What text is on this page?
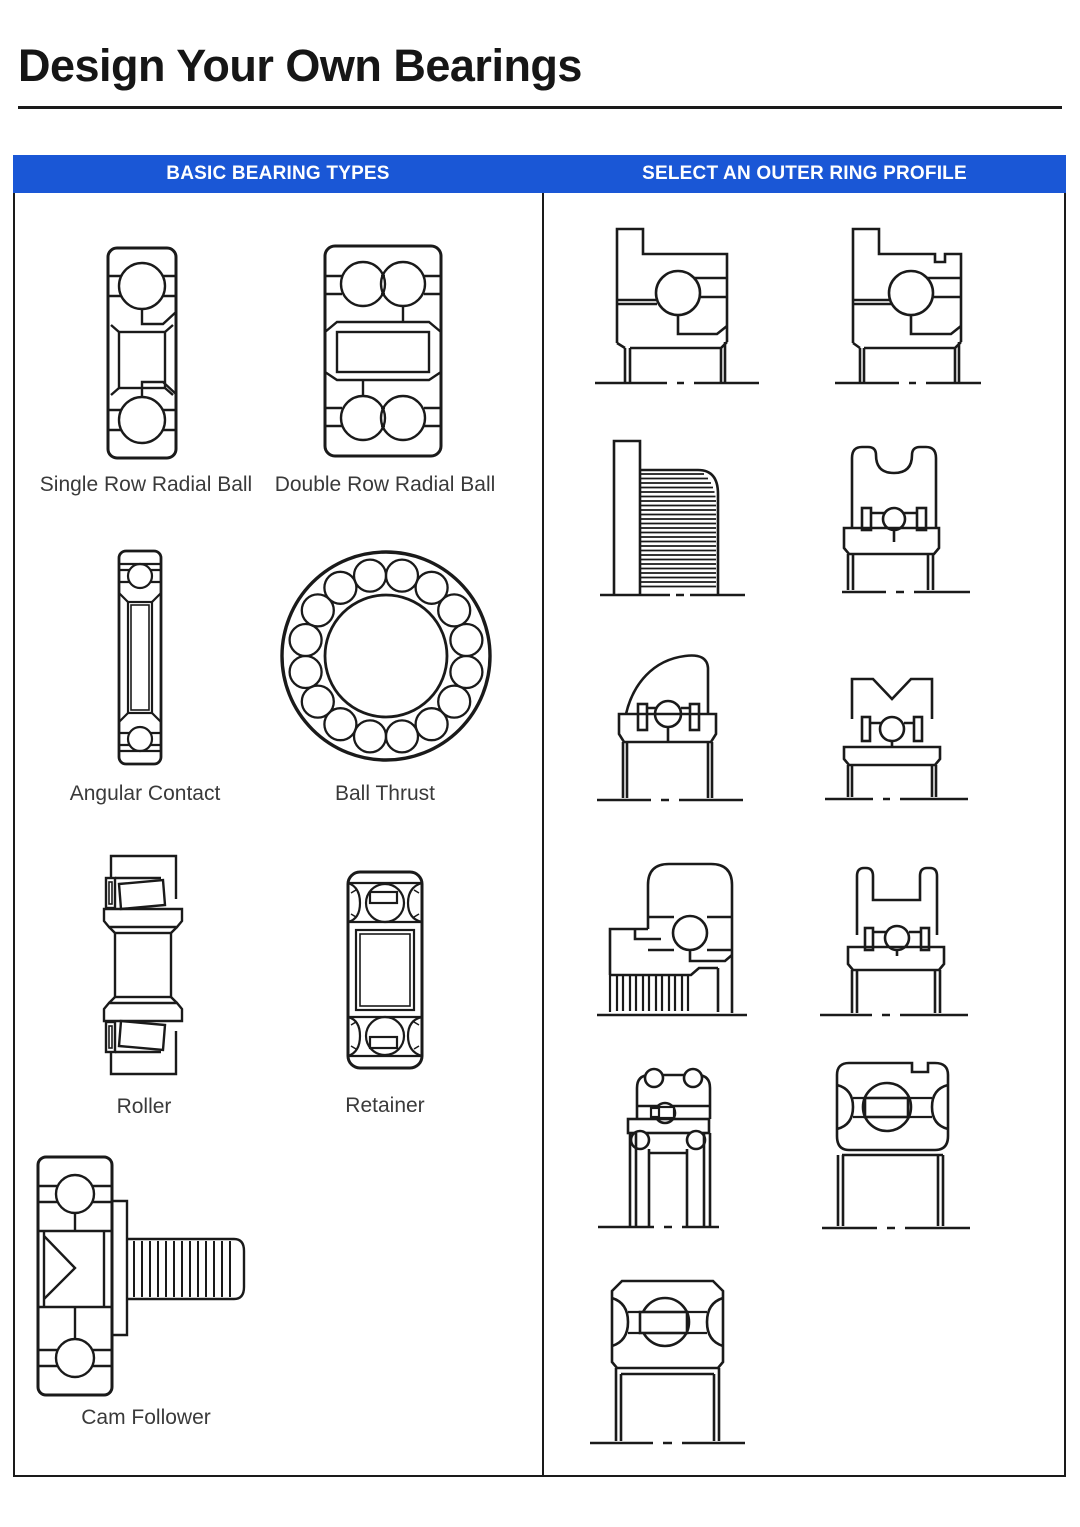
Design Your Own Bearings
BASIC BEARING TYPES	SELECT AN OUTER RING PROFILE
Single Row Radial Ball	Double Row Radial Ball
Angular Contact	Ball Thrust
Roller	Retainer
Cam Follower
